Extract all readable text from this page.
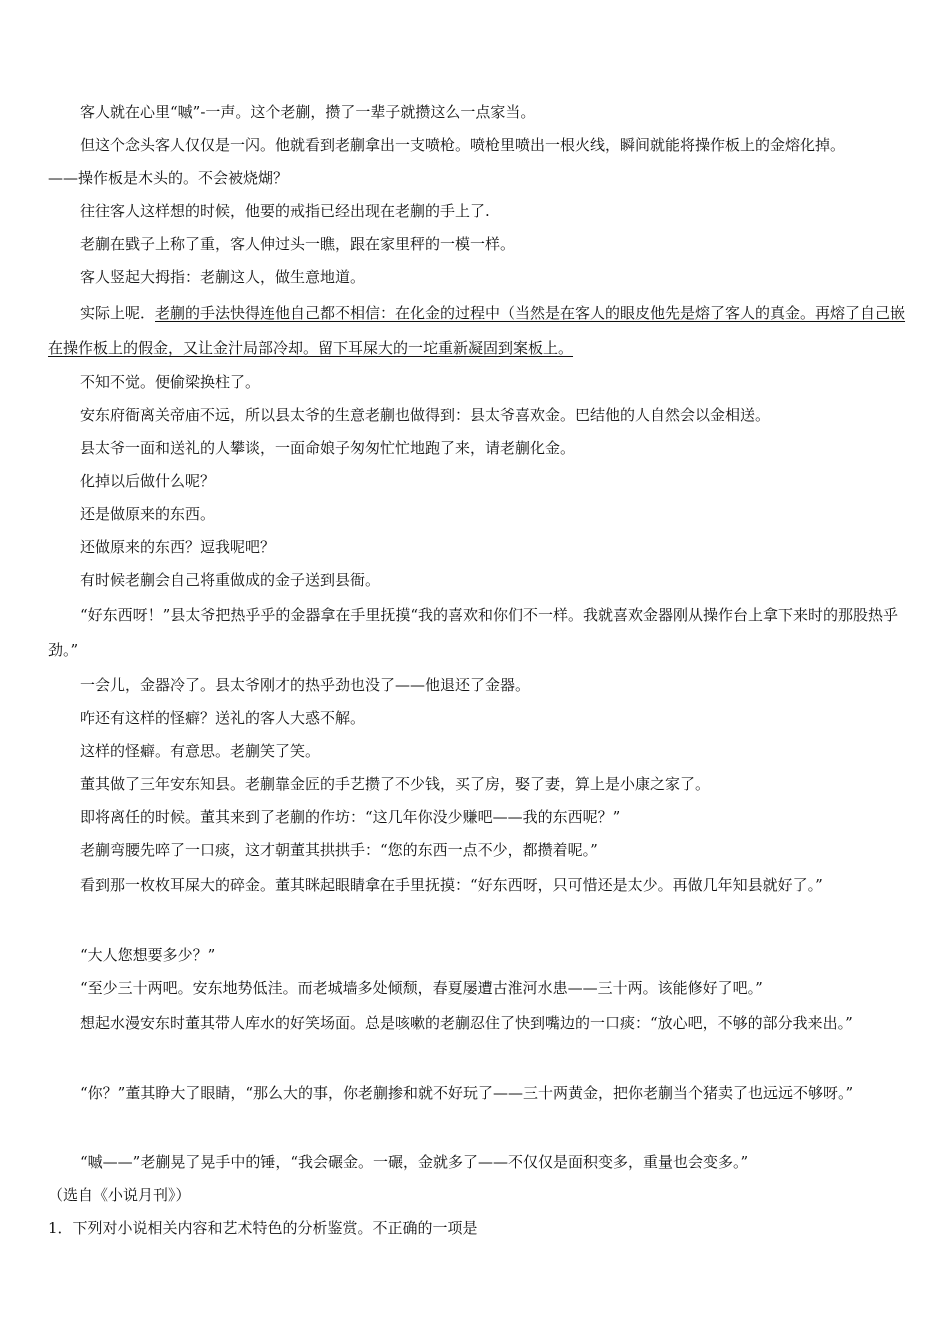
客人就在心里“嘁”-一声。这个老蒯，攒了一辈子就攒这么一点家当。
但这个念头客人仅仅是一闪。他就看到老蒯拿出一支喷枪。喷枪里喷出一根火线，瞬间就能将操作板上的金熔化掉。
——操作板是木头的。不会被烧煳？
往往客人这样想的时候，他要的戒指已经出现在老蒯的手上了.
老蒯在戥子上称了重，客人伸过头一瞧，跟在家里秤的一模一样。
客人竖起大拇指：老蒯这人，做生意地道。
实际上呢．老蒯的手法快得连他自己都不相信：在化金的过程中（当然是在客人的眼皮他先是熔了客人的真金。再熔了自己嵌在操作板上的假金，又让金汁局部冷却。留下耳屎大的一坨重新凝固到案板上。
不知不觉。便偷梁换柱了。
安东府衙离关帝庙不远，所以县太爷的生意老蒯也做得到：县太爷喜欢金。巴结他的人自然会以金相送。
县太爷一面和送礼的人攀谈，一面命娘子匆匆忙忙地跑了来，请老蒯化金。
化掉以后做什么呢？
还是做原来的东西。
还做原来的东西？逗我呢吧？
有时候老蒯会自己将重做成的金子送到县衙。
“好东西呀！”县太爷把热乎乎的金器拿在手里抚摸“我的喜欢和你们不一样。我就喜欢金器刚从操作台上拿下来时的那股热乎劲。”
一会儿，金器冷了。县太爷刚才的热乎劲也没了——他退还了金器。
咋还有这样的怪癖？送礼的客人大惑不解。
这样的怪癖。有意思。老蒯笑了笑。
董其做了三年安东知县。老蒯靠金匠的手艺攒了不少钱，买了房，娶了妻，算上是小康之家了。
即将离任的时候。董其来到了老蒯的作坊：“这几年你没少赚吧——我的东西呢？”
老蒯弯腰先啐了一口痰，这才朝董其拱拱手：“您的东西一点不少，都攒着呢。”
看到那一枚枚耳屎大的碎金。董其眯起眼睛拿在手里抚摸：“好东西呀，只可惜还是太少。再做几年知县就好了。”
“大人您想要多少？”
“至少三十两吧。安东地势低洼。而老城墙多处倾颓，春夏屡遭古淮河水患——三十两。该能修好了吧。”
想起水漫安东时董其带人库水的好笑场面。总是咳嗽的老蒯忍住了快到嘴边的一口痰：“放心吧，不够的部分我来出。”
“你？”董其睁大了眼睛，“那么大的事，你老蒯掺和就不好玩了——三十两黄金，把你老蒯当个猪卖了也远远不够呀。”
“嘁——”老蒯晃了晃手中的锤，“我会碾金。一碾，金就多了——不仅仅是面积变多，重量也会变多。”
（选自《小说月刊》）
1．下列对小说相关内容和艺术特色的分析鉴赏。不正确的一项是
